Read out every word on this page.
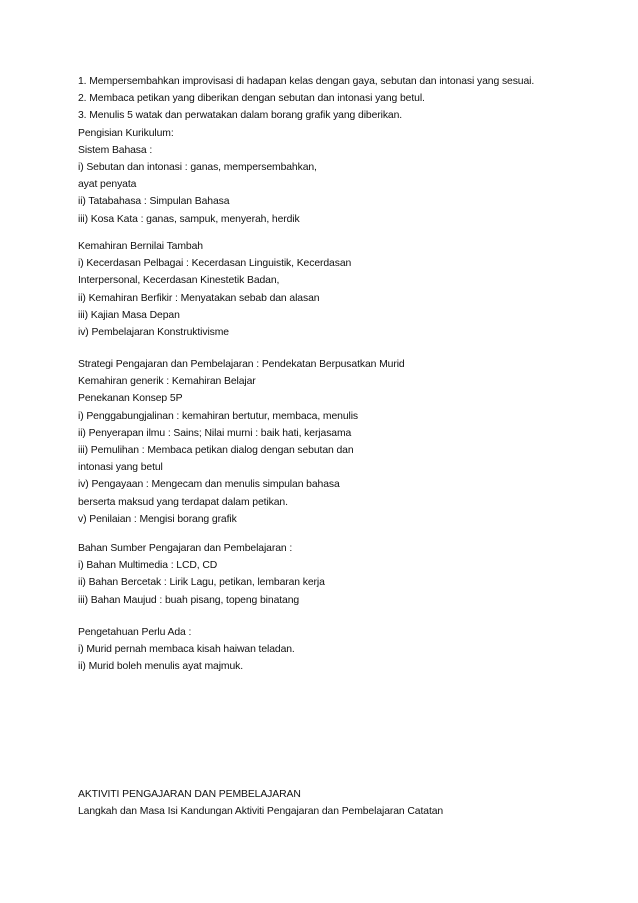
1. Mempersembahkan improvisasi di hadapan kelas dengan gaya, sebutan dan intonasi yang sesuai.
2. Membaca petikan yang diberikan dengan sebutan dan intonasi yang betul.
3. Menulis 5 watak dan perwatakan dalam borang grafik yang diberikan.
Pengisian Kurikulum:
Sistem Bahasa :
i) Sebutan dan intonasi : ganas, mempersembahkan,
ayat penyata
ii) Tatabahasa : Simpulan Bahasa
iii) Kosa Kata : ganas, sampuk, menyerah, herdik
Kemahiran Bernilai Tambah
i) Kecerdasan Pelbagai : Kecerdasan Linguistik, Kecerdasan
Interpersonal, Kecerdasan Kinestetik Badan,
ii) Kemahiran Berfikir : Menyatakan sebab dan alasan
iii) Kajian Masa Depan
iv) Pembelajaran Konstruktivisme
Strategi Pengajaran dan Pembelajaran : Pendekatan Berpusatkan Murid
Kemahiran generik : Kemahiran Belajar
Penekanan Konsep 5P
i) Penggabungjalinan : kemahiran bertutur, membaca, menulis
ii) Penyerapan ilmu : Sains; Nilai murni : baik hati, kerjasama
iii) Pemulihan : Membaca petikan dialog dengan sebutan dan
intonasi yang betul
iv) Pengayaan : Mengecam dan menulis simpulan bahasa
berserta maksud yang terdapat dalam petikan.
v) Penilaian : Mengisi borang grafik
Bahan Sumber Pengajaran dan Pembelajaran :
i) Bahan Multimedia : LCD, CD
ii) Bahan Bercetak : Lirik Lagu, petikan, lembaran kerja
iii) Bahan Maujud : buah pisang, topeng binatang
Pengetahuan Perlu Ada :
i) Murid pernah membaca kisah haiwan teladan.
ii) Murid boleh menulis ayat majmuk.
AKTIVITI PENGAJARAN DAN PEMBELAJARAN
Langkah dan Masa Isi Kandungan Aktiviti Pengajaran dan Pembelajaran Catatan
